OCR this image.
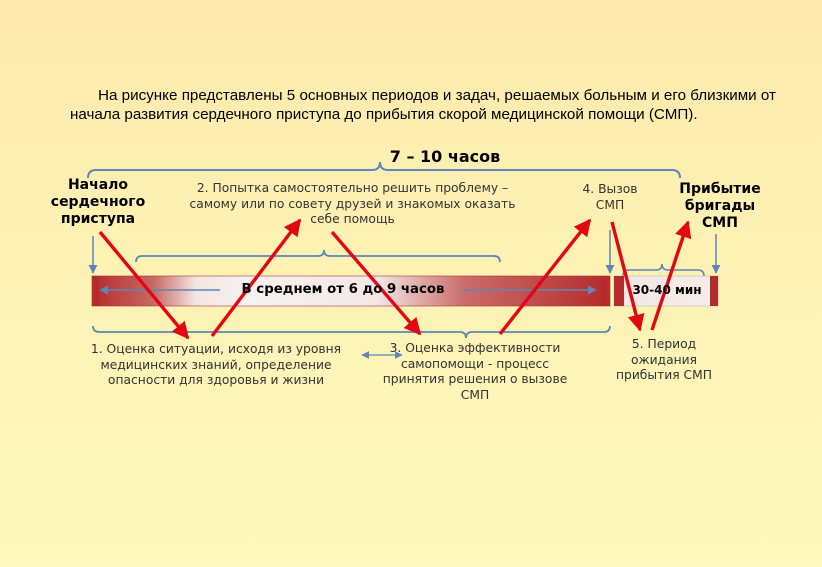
На рисунке представлены 5 основных периодов и задач, решаемых больным и его близкими от начала развития сердечного приступа до прибытия скорой медицинской помощи (СМП).

7 – 10 часов
Начало сердечного приступа
2. Попытка самостоятельно решить проблему – самому или по совету друзей и знакомых оказать себе помощь
4. Вызов СМП
Прибытие бригады СМП
В среднем от 6 до 9 часов	30-40 мин
1. Оценка ситуации, исходя из уровня медицинских знаний, определение опасности для здоровья и жизни
3. Оценка эффективности самопомощи - процесс принятия решения о вызове СМП
5. Период ожидания прибытия СМП
